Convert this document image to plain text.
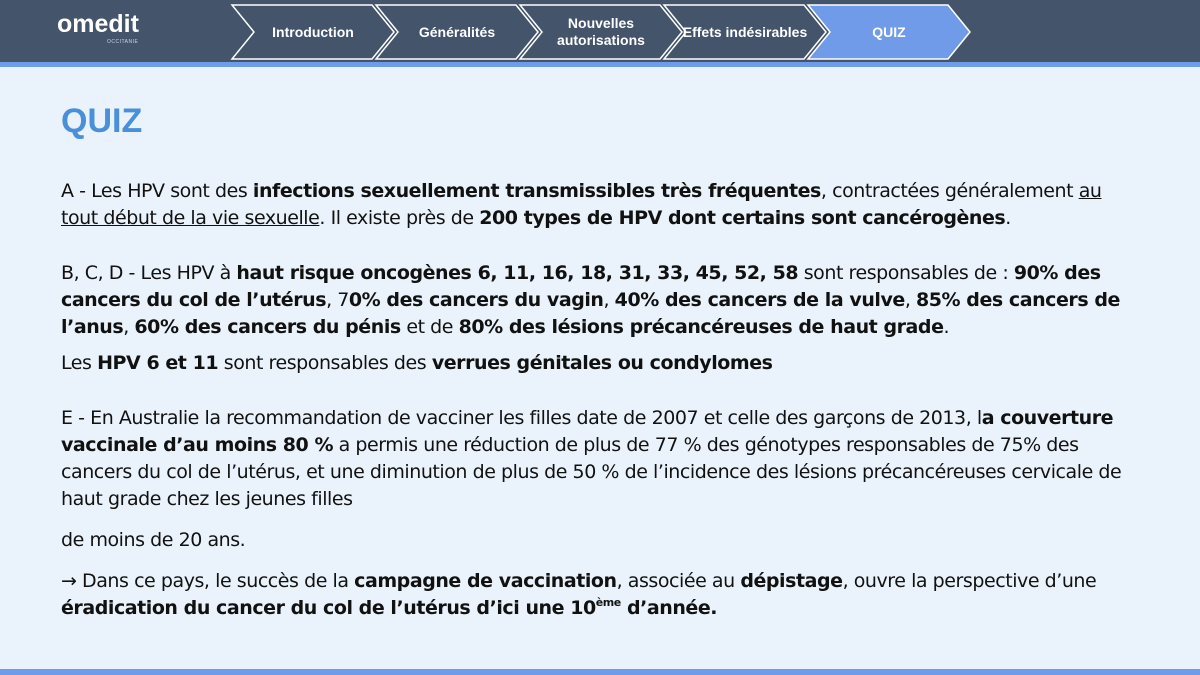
omedit
OCCITANIE
Introduction	Généralités
Nouvelles autorisations
Effets indésirables	QUIZ
QUIZ

A - Les HPV sont des infections sexuellement transmissibles très fréquentes, contractées généralement au tout début de la vie sexuelle. Il existe près de 200 types de HPV dont certains sont cancérogènes.

B, C, D - Les HPV à haut risque oncogènes 6, 11, 16, 18, 31, 33, 45, 52, 58 sont responsables de : 90% des cancers du col de l’utérus, 70% des cancers du vagin, 40% des cancers de la vulve, 85% des cancers de l’anus, 60% des cancers du pénis et de 80% des lésions précancéreuses de haut grade.

Les HPV 6 et 11 sont responsables des verrues génitales ou condylomes

E - En Australie la recommandation de vacciner les filles date de 2007 et celle des garçons de 2013, la couverture vaccinale d’au moins 80 % a permis une réduction de plus de 77 % des génotypes responsables de 75% des cancers du col de l’utérus, et une diminution de plus de 50 % de l’incidence des lésions précancéreuses cervicale de haut grade chez les jeunes filles

de moins de 20 ans.

→ Dans ce pays, le succès de la campagne de vaccination, associée au dépistage, ouvre la perspective d’une éradication du cancer du col de l’utérus d’ici une 10ème d’année.
